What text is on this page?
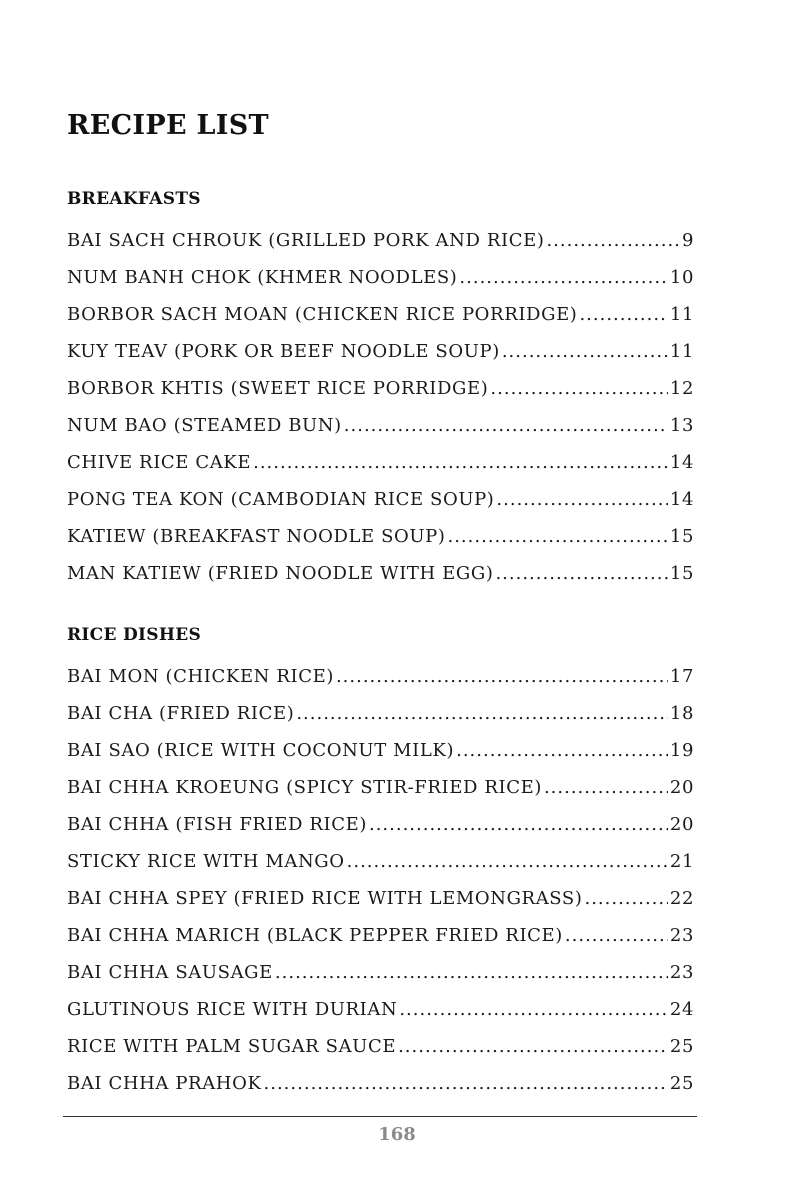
RECIPE LIST
BREAKFASTS
BAI SACH CHROUK (GRILLED PORK AND RICE) .....	9
NUM BANH CHOK (KHMER NOODLES) .....	10
BORBOR SACH MOAN (CHICKEN RICE PORRIDGE) .....	11
KUY TEAV (PORK OR BEEF NOODLE SOUP) .....	11
BORBOR KHTIS (SWEET RICE PORRIDGE) .....	12
NUM BAO (STEAMED BUN) .....	13
CHIVE RICE CAKE .....	14
PONG TEA KON (CAMBODIAN RICE SOUP) .....	14
KATIEW (BREAKFAST NOODLE SOUP) .....	15
MAN KATIEW (FRIED NOODLE WITH EGG) .....	15
RICE DISHES
BAI MON (CHICKEN RICE) .....	17
BAI CHA (FRIED RICE) .....	18
BAI SAO (RICE WITH COCONUT MILK) .....	19
BAI CHHA KROEUNG (SPICY STIR-FRIED RICE) .....	20
BAI CHHA (FISH FRIED RICE) .....	20
STICKY RICE WITH MANGO .....	21
BAI CHHA SPEY (FRIED RICE WITH LEMONGRASS) .....	22
BAI CHHA MARICH (BLACK PEPPER FRIED RICE) .....	23
BAI CHHA SAUSAGE .....	23
GLUTINOUS RICE WITH DURIAN .....	24
RICE WITH PALM SUGAR SAUCE .....	25
BAI CHHA PRAHOK .....	25
168
